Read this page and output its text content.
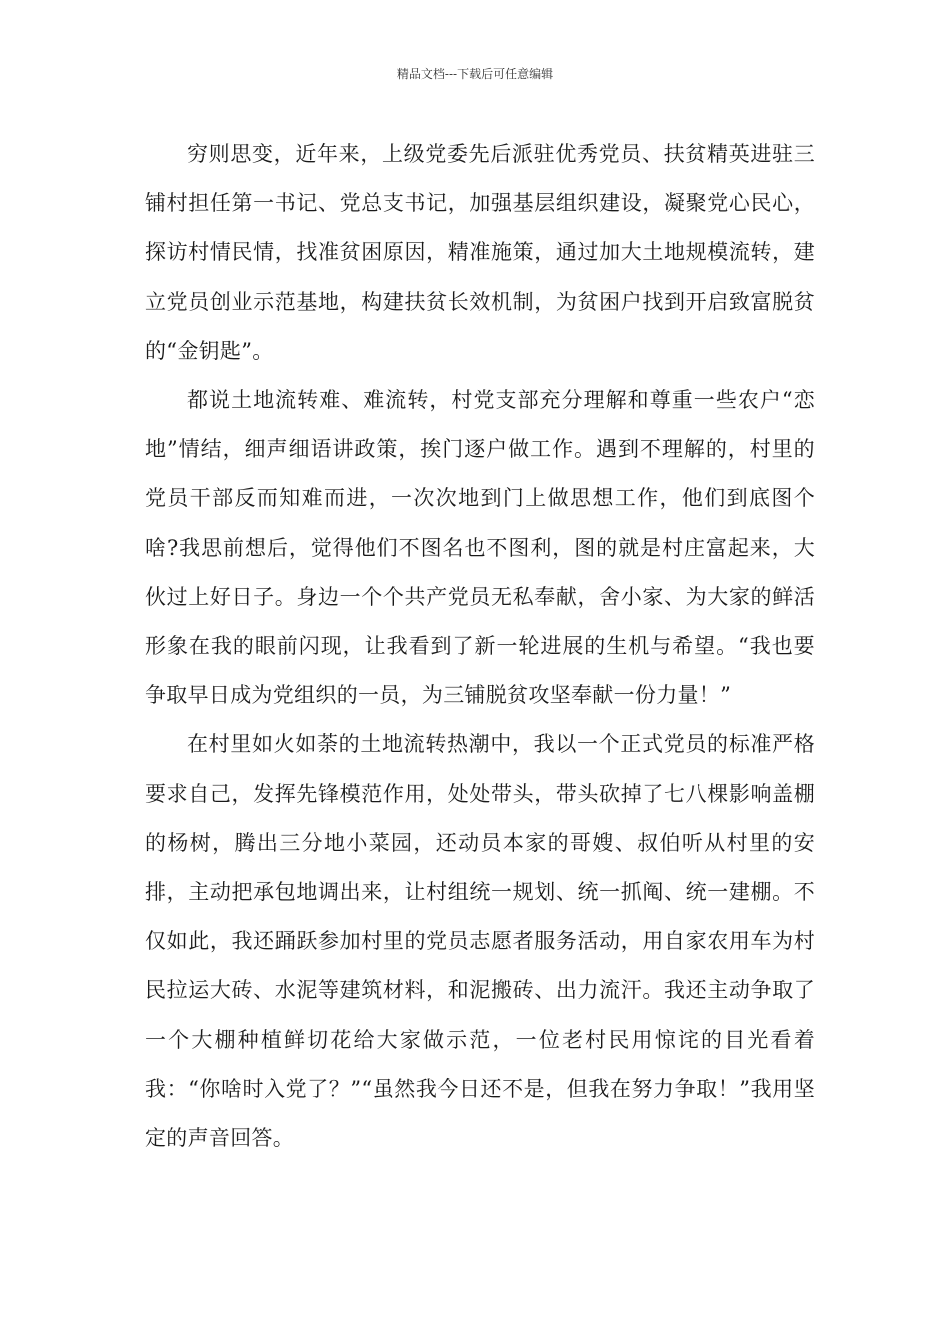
精品文档---下载后可任意编辑

穷则思变，近年来，上级党委先后派驻优秀党员、扶贫精英进驻三铺村担任第一书记、党总支书记，加强基层组织建设，凝聚党心民心，探访村情民情，找准贫困原因，精准施策，通过加大土地规模流转，建立党员创业示范基地，构建扶贫长效机制，为贫困户找到开启致富脱贫的“金钥匙”。

都说土地流转难、难流转，村党支部充分理解和尊重一些农户“恋地”情结，细声细语讲政策，挨门逐户做工作。遇到不理解的，村里的党员干部反而知难而进，一次次地到门上做思想工作，他们到底图个啥?我思前想后，觉得他们不图名也不图利，图的就是村庄富起来，大伙过上好日子。身边一个个共产党员无私奉献，舍小家、为大家的鲜活形象在我的眼前闪现，让我看到了新一轮进展的生机与希望。“我也要争取早日成为党组织的一员，为三铺脱贫攻坚奉献一份力量！”

在村里如火如荼的土地流转热潮中，我以一个正式党员的标准严格要求自己，发挥先锋模范作用，处处带头，带头砍掉了七八棵影响盖棚的杨树，腾出三分地小菜园，还动员本家的哥嫂、叔伯听从村里的安排，主动把承包地调出来，让村组统一规划、统一抓阄、统一建棚。不仅如此，我还踊跃参加村里的党员志愿者服务活动，用自家农用车为村民拉运大砖、水泥等建筑材料，和泥搬砖、出力流汗。我还主动争取了一个大棚种植鲜切花给大家做示范，一位老村民用惊诧的目光看着我：“你啥时入党了？”“虽然我今日还不是，但我在努力争取！”我用坚定的声音回答。
